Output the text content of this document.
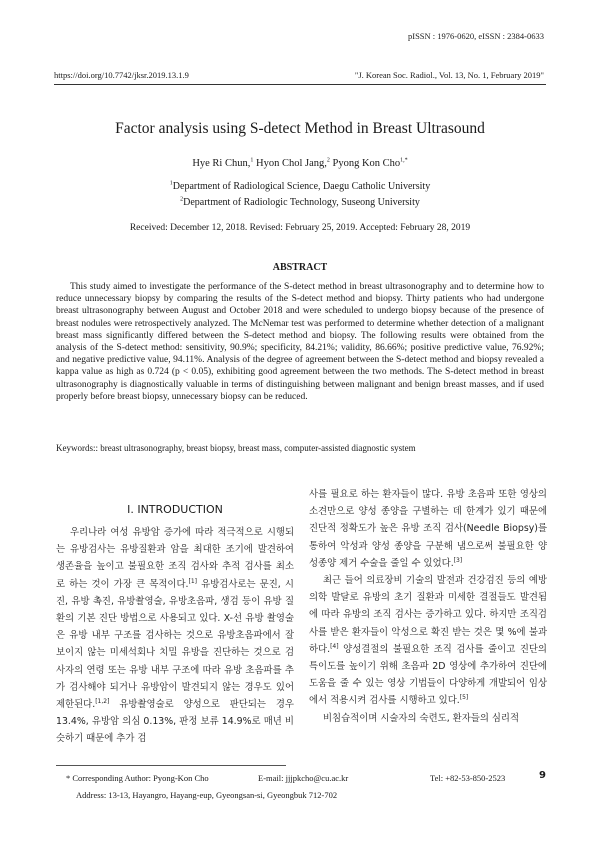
pISSN : 1976-0620, eISSN : 2384-0633
https://doi.org/10.7742/jksr.2019.13.1.9	"J. Korean Soc. Radiol., Vol. 13, No. 1, February 2019"
Factor analysis using S-detect Method in Breast Ultrasound
Hye Ri Chun,$^1$ Hyon Chol Jang,$^2$ Pyong Kon Cho$^{1,*}$
$^1$Department of Radiological Science, Daegu Catholic University
$^2$Department of Radiologic Technology, Suseong University
Received: December 12, 2018. Revised: February 25, 2019. Accepted: February 28, 2019
ABSTRACT
This study aimed to investigate the performance of the S-detect method in breast ultrasonography and to determine how to reduce unnecessary biopsy by comparing the results of the S-detect method and biopsy. Thirty patients who had undergone breast ultrasonography between August and October 2018 and were scheduled to undergo biopsy because of the presence of breast nodules were retrospectively analyzed. The McNemar test was performed to determine whether detection of a malignant breast mass significantly differed between the S-detect method and biopsy. The following results were obtained from the analysis of the S-detect method: sensitivity, 90.9%; specificity, 84.21%; validity, 86.66%; positive predictive value, 76.92%; and negative predictive value, 94.11%. Analysis of the degree of agreement between the S-detect method and biopsy revealed a kappa value as high as 0.724 (p < 0.05), exhibiting good agreement between the two methods. The S-detect method in breast ultrasonography is diagnostically valuable in terms of distinguishing between malignant and benign breast masses, and if used properly before breast biopsy, unnecessary biopsy can be reduced.
Keywords:: breast ultrasonography, breast biopsy, breast mass, computer-assisted diagnostic system
Ⅰ. INTRODUCTION

우리나라 여성 유방암 증가에 따라 적극적으로 시행되는 유방검사는 유방질환과 암을 최대한 조기에 발견하여 생존율을 높이고 불필요한 조직 검사와 추적 검사를 최소로 하는 것이 가장 큰 목적이다.[1] 유방검사로는 문진, 시진, 유방 촉진, 유방촬영술, 유방초음파, 생검 등이 유방 질환의 기본 진단 방법으로 사용되고 있다. X-선 유방 촬영술은 유방 내부 구조를 검사하는 것으로 유방초음파에서 잘 보이지 않는 미세석회나 치밀 유방을 진단하는 것으로 검사자의 연령 또는 유방 내부 구조에 따라 유방 초음파를 추가 검사해야 되거나 유방암이 발견되지 않는 경우도 있어 제한된다.[1,2] 유방촬영술로 양성으로 판단되는 경우 13.4%, 유방암 의심 0.13%, 판정 보류 14.9%로 매년 비슷하기 때문에 추가 검

사를 필요로 하는 환자들이 많다. 유방 초음파 또한 영상의 소견만으로 양성 종양을 구별하는 데 한계가 있기 때문에 진단적 정확도가 높은 유방 조직 검사(Needle Biopsy)를 통하여 악성과 양성 종양을 구분해 냄으로써 불필요한 양성종양 제거 수술을 줄일 수 있었다.[3]

최근 들어 의료장비 기술의 발전과 건강검진 등의 예방의학 발달로 유방의 초기 질환과 미세한 결절들도 발견됨에 따라 유방의 조직 검사는 증가하고 있다. 하지만 조직검사를 받은 환자들이 악성으로 확진 받는 것은 몇 %에 불과하다.[4] 양성결절의 불필요한 조직 검사를 줄이고 진단의 특이도를 높이기 위해 초음파 2D 영상에 추가하여 진단에 도움을 줄 수 있는 영상 기법들이 다양하게 개발되어 임상에서 적용시켜 검사를 시행하고 있다.[5]

비침습적이며 시술자의 숙련도, 환자들의 심리적

* Corresponding Author: Pyong-Kon Cho	E-mail: jjjpkcho@cu.ac.kr	Tel: +82-53-850-2523
Address: 13-13, Hayangro, Hayang-eup, Gyeongsan-si, Gyeongbuk 712-702
9
